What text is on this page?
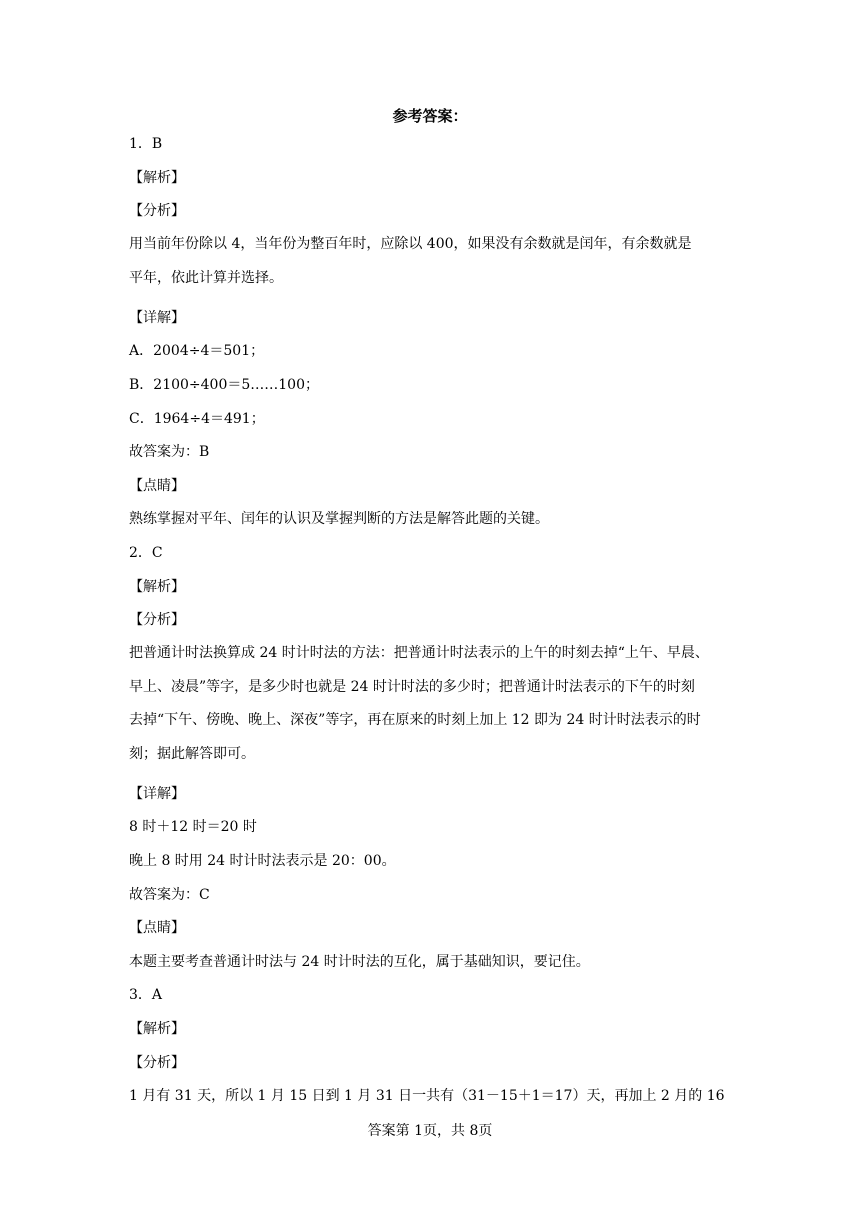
参考答案：
1．B
【解析】
【分析】
用当前年份除以 4，当年份为整百年时，应除以 400，如果没有余数就是闰年，有余数就是
平年，依此计算并选择。
【详解】
A．2004÷4＝501；
B．2100÷400＝5……100；
C．1964÷4＝491；
故答案为：B
【点睛】
熟练掌握对平年、闰年的认识及掌握判断的方法是解答此题的关键。
2．C
【解析】
【分析】
把普通计时法换算成 24 时计时法的方法：把普通计时法表示的上午的时刻去掉“上午、早晨、
早上、凌晨”等字，是多少时也就是 24 时计时法的多少时；把普通计时法表示的下午的时刻
去掉“下午、傍晚、晚上、深夜”等字，再在原来的时刻上加上 12 即为 24 时计时法表示的时
刻；据此解答即可。
【详解】
8 时＋12 时＝20 时
晚上 8 时用 24 时计时法表示是 20：00。
故答案为：C
【点睛】
本题主要考查普通计时法与 24 时计时法的互化，属于基础知识，要记住。
3．A
【解析】
【分析】
1 月有 31 天，所以 1 月 15 日到 1 月 31 日一共有（31－15＋1＝17）天，再加上 2 月的 16
答案第 1页，共 8页
